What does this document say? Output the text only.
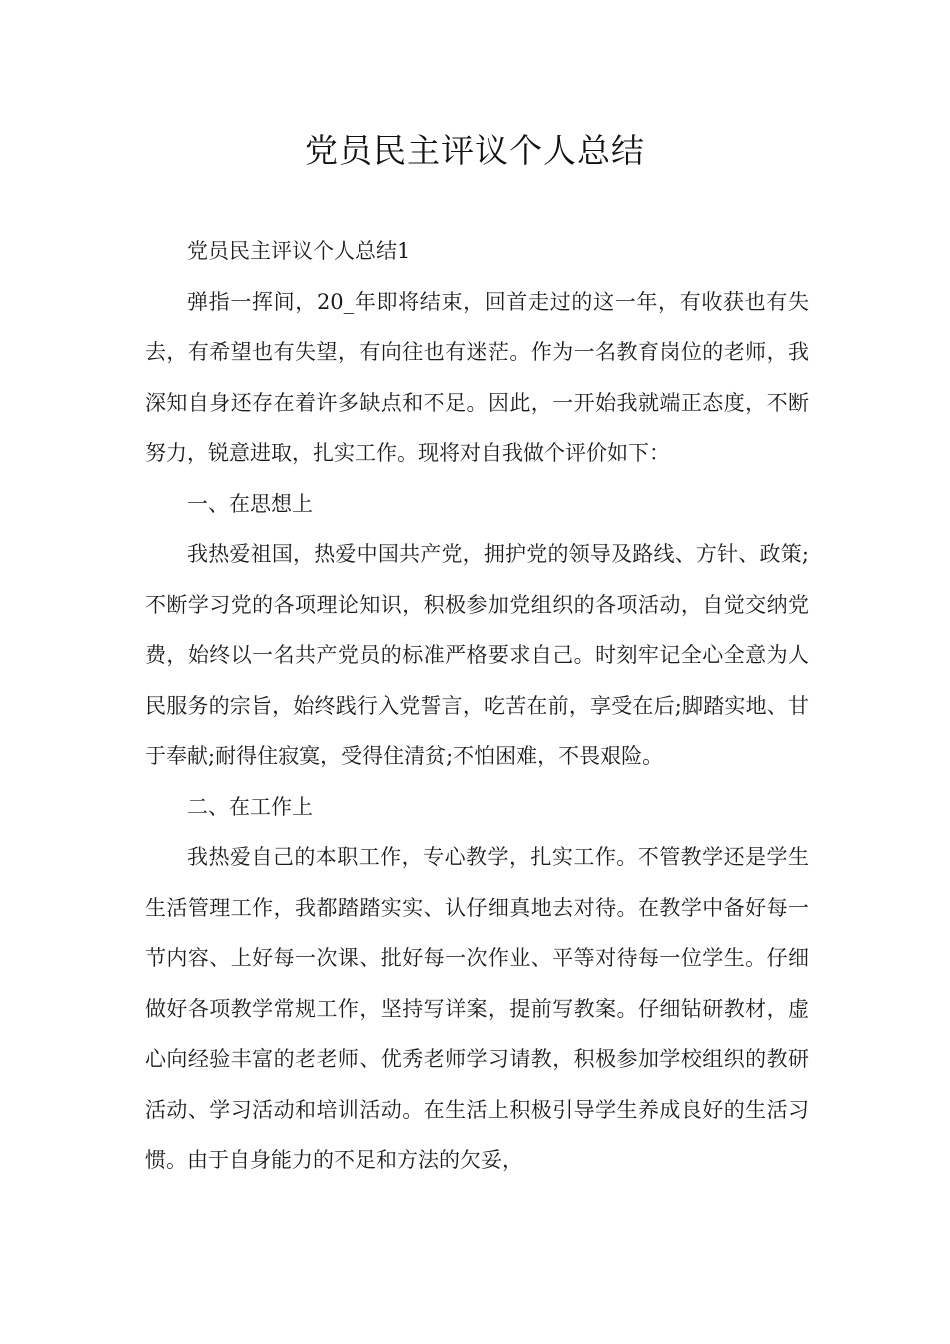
党员民主评议个人总结

党员民主评议个人总结1

弹指一挥间，20_年即将结束，回首走过的这一年，有收获也有失去，有希望也有失望，有向往也有迷茫。作为一名教育岗位的老师，我深知自身还存在着许多缺点和不足。因此，一开始我就端正态度，不断努力，锐意进取，扎实工作。现将对自我做个评价如下：

一、在思想上

我热爱祖国，热爱中国共产党，拥护党的领导及路线、方针、政策;不断学习党的各项理论知识，积极参加党组织的各项活动，自觉交纳党费，始终以一名共产党员的标准严格要求自己。时刻牢记全心全意为人民服务的宗旨，始终践行入党誓言，吃苦在前，享受在后;脚踏实地、甘于奉献;耐得住寂寞，受得住清贫;不怕困难，不畏艰险。

二、在工作上

我热爱自己的本职工作，专心教学，扎实工作。不管教学还是学生生活管理工作，我都踏踏实实、认仔细真地去对待。在教学中备好每一节内容、上好每一次课、批好每一次作业、平等对待每一位学生。仔细做好各项教学常规工作，坚持写详案，提前写教案。仔细钻研教材，虚心向经验丰富的老老师、优秀老师学习请教，积极参加学校组织的教研活动、学习活动和培训活动。在生活上积极引导学生养成良好的生活习惯。由于自身能力的不足和方法的欠妥，
